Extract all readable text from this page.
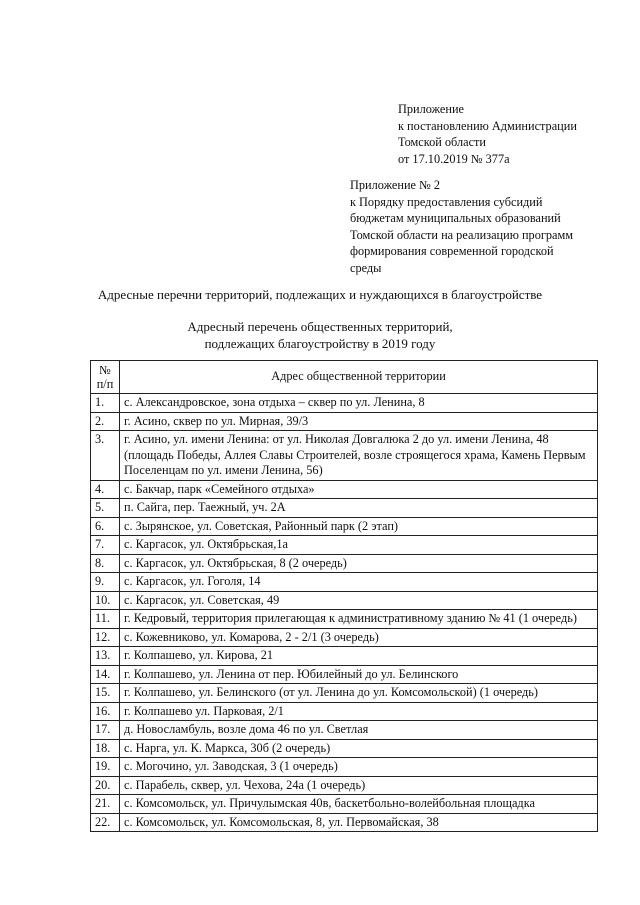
Приложение
к постановлению Администрации
Томской области
от 17.10.2019 № 377а
Приложение № 2
к Порядку предоставления субсидий
бюджетам муниципальных образований
Томской области на реализацию программ
формирования современной городской
среды
Адресные перечни территорий, подлежащих и нуждающихся в благоустройстве
Адресный перечень общественных территорий,
подлежащих благоустройству в 2019 году
№
п/п	Адрес общественной территории
1.	с. Александровское, зона отдыха – сквер по ул. Ленина, 8
2.	г. Асино, сквер по ул. Мирная, 39/3
3.	г. Асино, ул. имени Ленина: от ул. Николая Довгалюка 2 до ул. имени Ленина, 48 (площадь Победы, Аллея Славы Строителей, возле строящегося храма, Камень Первым Поселенцам по ул. имени Ленина, 56)
4.	с. Бакчар, парк «Семейного отдыха»
5.	п. Сайга, пер. Таежный, уч. 2А
6.	с. Зырянское, ул. Советская, Районный парк (2 этап)
7.	с. Каргасок, ул. Октябрьская,1а
8.	с. Каргасок, ул. Октябрьская, 8 (2 очередь)
9.	с. Каргасок, ул. Гоголя, 14
10.	с. Каргасок, ул. Советская, 49
11.	г. Кедровый, территория прилегающая к административному зданию № 41 (1 очередь)
12.	с. Кожевниково, ул. Комарова, 2 - 2/1 (3 очередь)
13.	г. Колпашево, ул. Кирова, 21
14.	г. Колпашево, ул. Ленина от пер. Юбилейный до ул. Белинского
15.	г. Колпашево, ул. Белинского (от ул. Ленина до ул. Комсомольской) (1 очередь)
16.	г. Колпашево ул. Парковая, 2/1
17.	д. Новосламбуль, возле дома 46 по ул. Светлая
18.	с. Нарга, ул. К. Маркса, 30б (2 очередь)
19.	с. Могочино, ул. Заводская, 3 (1 очередь)
20.	с. Парабель, сквер, ул. Чехова, 24а (1 очередь)
21.	с. Комсомольск, ул. Причулымская 40в, баскетбольно-волейбольная площадка
22.	с. Комсомольск, ул. Комсомольская, 8, ул. Первомайская, 38
